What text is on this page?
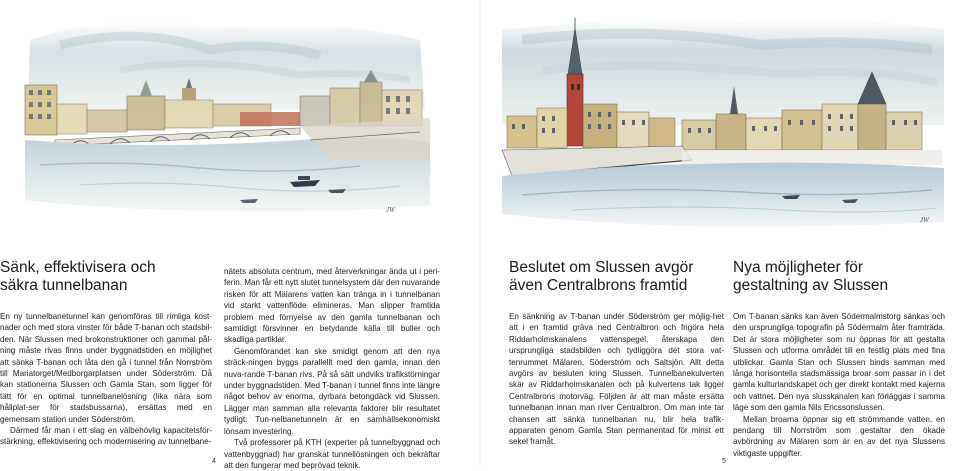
JW
JW
Sänk, effektivisera och
säkra tunnelbanan

En ny tunnelbanetunnel kan genomföras till rimliga kost-nader och med stora vinster för både T-banan och stadsbil-den. När Slussen med brokonstruktioner och gammal pål-ning måste rivas finns under byggnadstiden en möjlighet att sänka T-banan och låta den gå i tunnel från Norrström till Mariatorget/Medborgarplatsen under Söderström. Då kan stationerna Slussen och Gamla Stan, som ligger för tätt för en optimal tunnelbanelösning (lika nära som hållplat-ser för stadsbussarna), ersättas med en gemensam station under Söderström.

Därmed får man i ett slag en välbehövlig kapacitetsför-stärkning, effektivisering och modernisering av tunnelbane-

nätets absoluta centrum, med återverkningar ända ut i peri-ferin. Man får ett nytt slutet tunnelsystem där den nuvarande risken för att Mälarens vatten kan tränga in i tunnelbanan vid starkt vattenflöde elimineras. Man slipper framtida problem med förnyelse av den gamla tunnelbanan och samtidigt försvinner en betydande källa till buller och skadliga partiklar.

Genomförandet kan ske smidigt genom att den nya sträck-ningen byggs parallellt med den gamla, innan den nuva-rande T-banan rivs. På så sätt undviks trafikstörningar under byggnadstiden. Med T-banan i tunnel finns inte längre något behov av enorma, dyrbara betongdäck vid Slussen. Lägger man samman alla relevanta faktorer blir resultatet tydligt: Tun-nelbanetunneln är en samhällsekonomiskt lönsam investering.

Två professorer på KTH (experter på tunnelbyggnad och vattenbyggnad) har granskat tunnellösningen och bekräftar att den fungerar med beprövad teknik.

4
Beslutet om Slussen avgör
även Centralbrons framtid

En sänkning av T-banan under Söderström ger möjlig-het att i en framtid gräva ned Centralbron och frigöra hela Riddarholmskanalens vattenspegel, återskapa den ursprungliga stadsbilden och tydliggöra det stora vat-tenrummet Mälaren, Söderström och Saltsjön. Allt detta avgörs av besluten kring Slussen. Tunnelbanekulverten skär av Riddarholmskanalen och på kulvertens tak ligger Centralbrons motorväg. Följden är att man måste ersätta tunnelbanan innan man river Centralbron. Om man inte tar chansen att sänka tunnelbanan nu, blir hela trafik-apparaten genom Gamla Stan permanentad för minst ett sekel framåt.

Nya möjligheter för
gestaltning av Slussen

Om T-banan sänks kan även Södermalmstorg sänkas och den ursprungliga topografin på Södermalm åter framträda. Det är stora möjligheter som nu öppnas för att gestalta Slussen och utforma området till en festlig plats med fina utblickar. Gamla Stan och Slussen binds samman med långa horisontella stadsmässiga broar som passar in i det gamla kulturlandskapet och ger direkt kontakt med kajerna och vattnet. Den nya slusskanalen kan förläggas i samma läge som den gamla Nils Ericssonslussen.

Mellan broarna öppnar sig ett strömmande vatten, en pendang till Norrström som gestaltar den ökade avbördning av Mälaren som är en av det nya Slussens viktigaste uppgifter.

5
